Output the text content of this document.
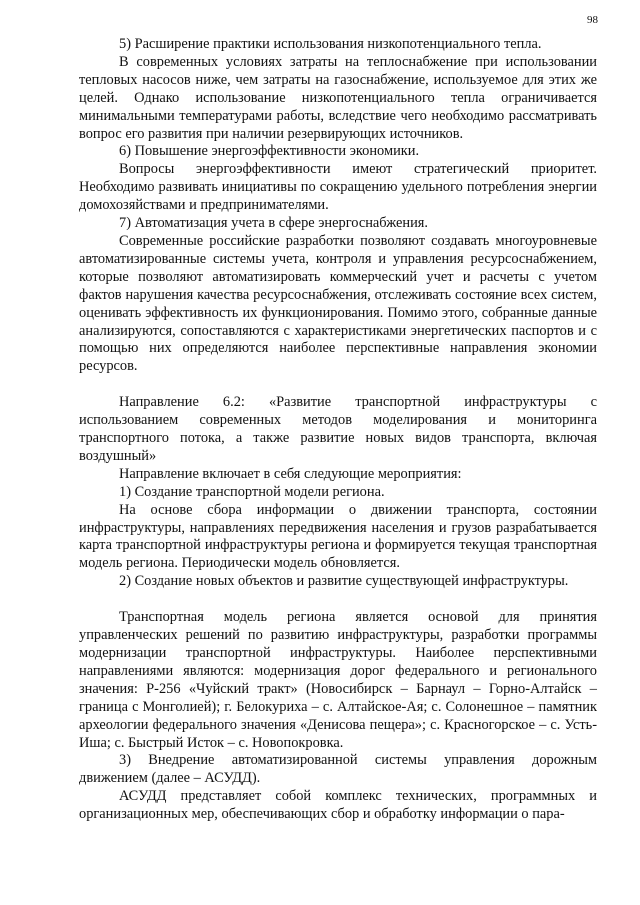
98

5) Расширение практики использования низкопотенциального тепла.

В современных условиях затраты на теплоснабжение при использовании тепловых насосов ниже, чем затраты на газоснабжение, используемое для этих же целей. Однако использование низкопотенциального тепла ограничивается минимальными температурами работы, вследствие чего необходимо рассматривать вопрос его развития при наличии резервирующих источников.

6) Повышение энергоэффективности экономики.

Вопросы энергоэффективности имеют стратегический приоритет. Необходимо развивать инициативы по сокращению удельного потребления энергии домохозяйствами и предпринимателями.

7) Автоматизация учета в сфере энергоснабжения.

Современные российские разработки позволяют создавать многоуровневые автоматизированные системы учета, контроля и управления ресурсоснабжением, которые позволяют автоматизировать коммерческий учет и расчеты с учетом фактов нарушения качества ресурсоснабжения, отслеживать состояние всех систем, оценивать эффективность их функционирования. Помимо этого, собранные данные анализируются, сопоставляются с характеристиками энергетических паспортов и с помощью них определяются наиболее перспективные направления экономии ресурсов.

Направление 6.2: «Развитие транспортной инфраструктуры с использованием современных методов моделирования и мониторинга транспортного потока, а также развитие новых видов транспорта, включая воздушный»

Направление включает в себя следующие мероприятия:

1) Создание транспортной модели региона.

На основе сбора информации о движении транспорта, состоянии инфраструктуры, направлениях передвижения населения и грузов разрабатывается карта транспортной инфраструктуры региона и формируется текущая транспортная модель региона. Периодически модель обновляется.

2) Создание новых объектов и развитие существующей инфраструктуры.

Транспортная модель региона является основой для принятия управленческих решений по развитию инфраструктуры, разработки программы модернизации транспортной инфраструктуры. Наиболее перспективными направлениями являются: модернизация дорог федерального и регионального значения: Р-256 «Чуйский тракт» (Новосибирск – Барнаул – Горно-Алтайск – граница с Монголией); г. Белокуриха – с. Алтайское-Ая; с. Солонешное – памятник археологии федерального значения «Денисова пещера»; с. Красногорское – с. Усть-Иша; с. Быстрый Исток – с. Новопокровка.

3) Внедрение автоматизированной системы управления дорожным движением (далее – АСУДД).

АСУДД представляет собой комплекс технических, программных и организационных мер, обеспечивающих сбор и обработку информации о пара-
